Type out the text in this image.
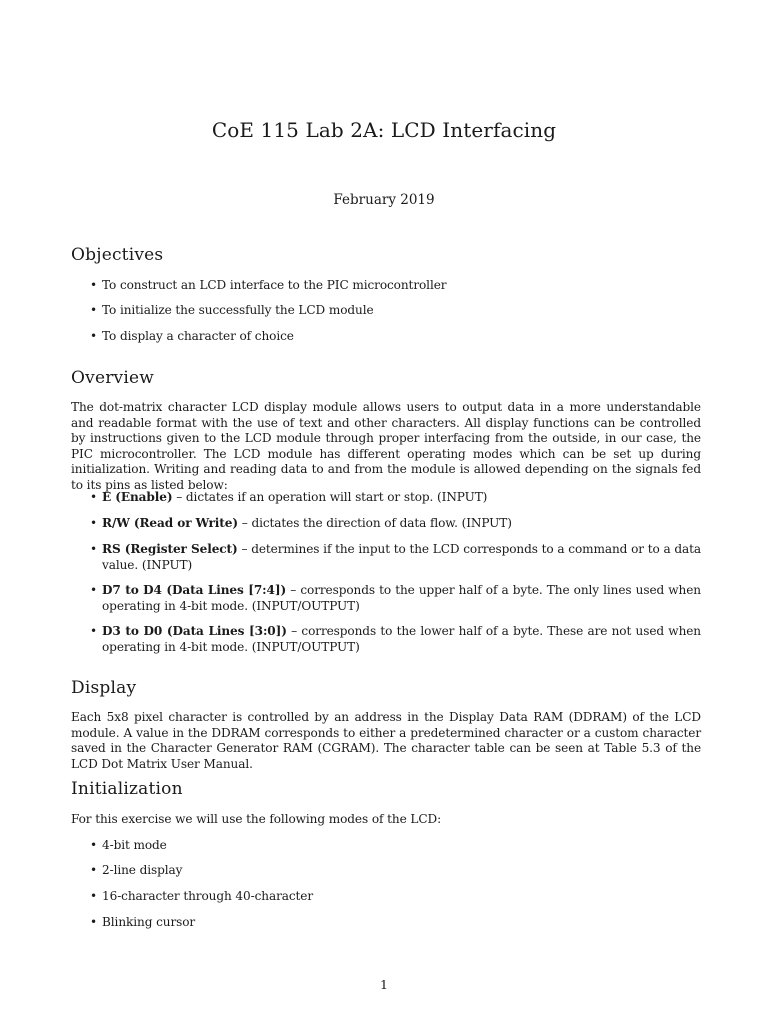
CoE 115 Lab 2A: LCD Interfacing
February 2019
Objectives
• To construct an LCD interface to the PIC microcontroller
• To initialize the successfully the LCD module
• To display a character of choice
Overview

The dot-matrix character LCD display module allows users to output data in a more understandable and readable format with the use of text and other characters. All display functions can be controlled by instructions given to the LCD module through proper interfacing from the outside, in our case, the PIC microcontroller. The LCD module has different operating modes which can be set up during initialization. Writing and reading data to and from the module is allowed depending on the signals fed to its pins as listed below:

• E (Enable) – dictates if an operation will start or stop. (INPUT)
• R/W (Read or Write) – dictates the direction of data flow. (INPUT)
• RS (Register Select) – determines if the input to the LCD corresponds to a command or to a data value. (INPUT)
• D7 to D4 (Data Lines [7:4]) – corresponds to the upper half of a byte. The only lines used when operating in 4-bit mode. (INPUT/OUTPUT)
• D3 to D0 (Data Lines [3:0]) – corresponds to the lower half of a byte. These are not used when operating in 4-bit mode. (INPUT/OUTPUT)
Display

Each 5x8 pixel character is controlled by an address in the Display Data RAM (DDRAM) of the LCD module. A value in the DDRAM corresponds to either a predetermined character or a custom character saved in the Character Generator RAM (CGRAM). The character table can be seen at Table 5.3 of the LCD Dot Matrix User Manual.

Initialization

For this exercise we will use the following modes of the LCD:

• 4-bit mode
• 2-line display
• 16-character through 40-character
• Blinking cursor
1
